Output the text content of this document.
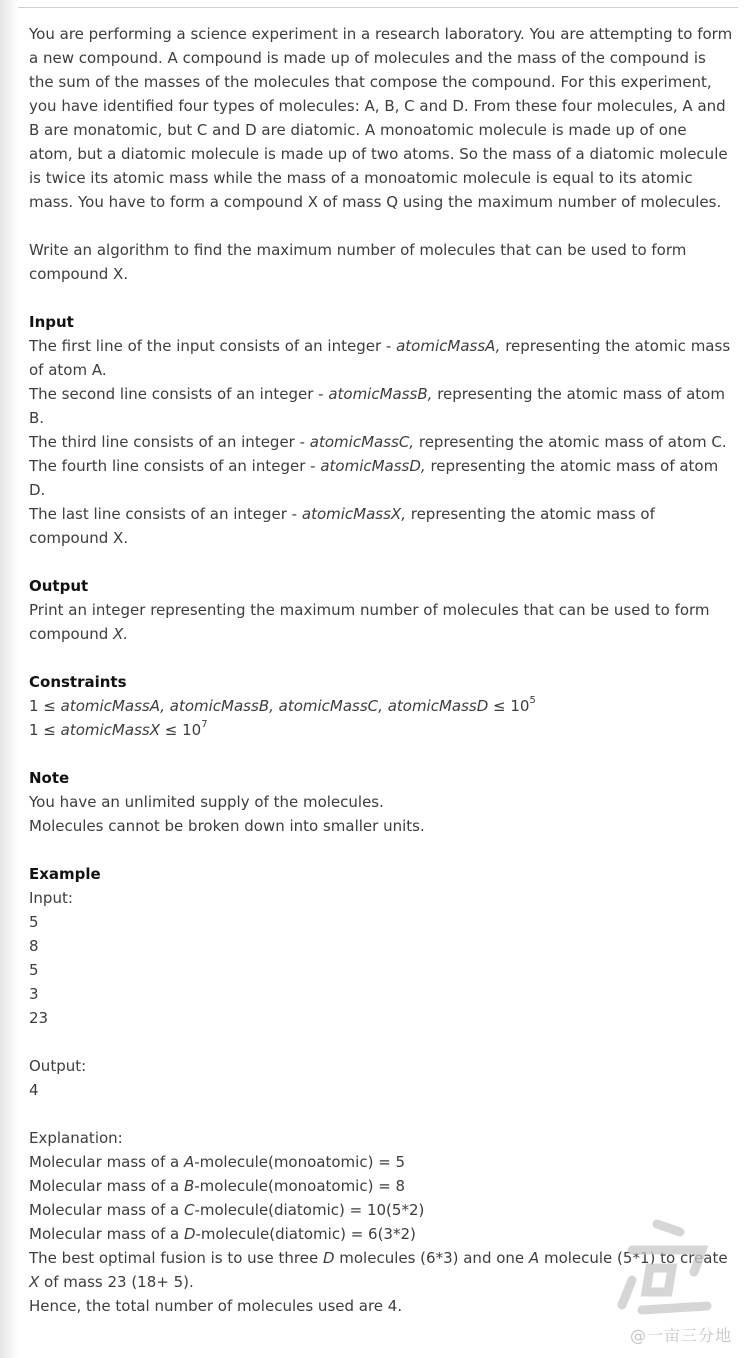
You are performing a science experiment in a research laboratory. You are attempting to form a new compound. A compound is made up of molecules and the mass of the compound is the sum of the masses of the molecules that compose the compound. For this experiment, you have identified four types of molecules: A, B, C and D. From these four molecules, A and B are monatomic, but C and D are diatomic. A monoatomic molecule is made up of one atom, but a diatomic molecule is made up of two atoms. So the mass of a diatomic molecule is twice its atomic mass while the mass of a monoatomic molecule is equal to its atomic mass. You have to form a compound X of mass Q using the maximum number of molecules.

Write an algorithm to find the maximum number of molecules that can be used to form compound X.

Input

The first line of the input consists of an integer - atomicMassA, representing the atomic mass of atom A.

The second line consists of an integer - atomicMassB, representing the atomic mass of atom B.

The third line consists of an integer - atomicMassC, representing the atomic mass of atom C.

The fourth line consists of an integer - atomicMassD, representing the atomic mass of atom D.

The last line consists of an integer - atomicMassX, representing the atomic mass of compound X.

Output

Print an integer representing the maximum number of molecules that can be used to form compound X.

Constraints

1 ≤ atomicMassA, atomicMassB, atomicMassC, atomicMassD ≤ $10^5$

1 ≤ atomicMassX ≤ $10^7$

Note

You have an unlimited supply of the molecules.

Molecules cannot be broken down into smaller units.

Example

Input:

5

8

5

3

23

Output:

4

Explanation:

Molecular mass of a A-molecule(monoatomic) = 5

Molecular mass of a B-molecule(monoatomic) = 8

Molecular mass of a C-molecule(diatomic) = 10(5*2)

Molecular mass of a D-molecule(diatomic) = 6(3*2)

The best optimal fusion is to use three D molecules (6*3) and one A molecule (5*1) to create X of mass 23 (18+ 5).

Hence, the total number of molecules used are 4.

@一亩三分地
